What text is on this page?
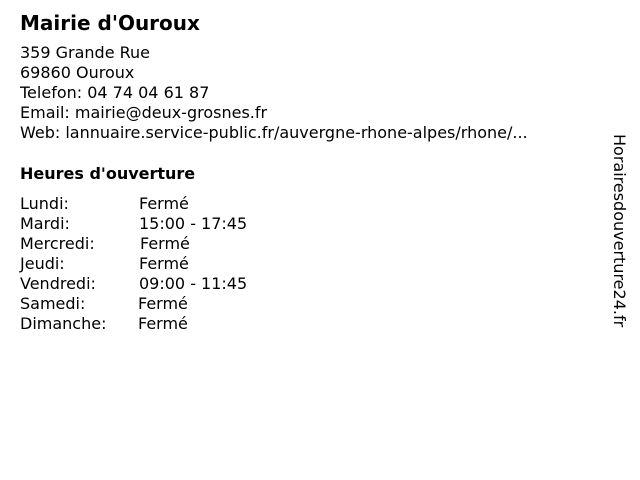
Mairie d'Ouroux
359 Grande Rue
69860 Ouroux
Telefon: 04 74 04 61 87
Email: mairie@deux-grosnes.fr
Web: lannuaire.service-public.fr/auvergne-rhone-alpes/rhone/...
Heures d'ouverture
Lundi:	Fermé
Mardi:	15:00 - 17:45
Mercredi:	Fermé
Jeudi:	Fermé
Vendredi:	09:00 - 11:45
Samedi:	Fermé
Dimanche: Fermé	Horairesdouverture24.fr
